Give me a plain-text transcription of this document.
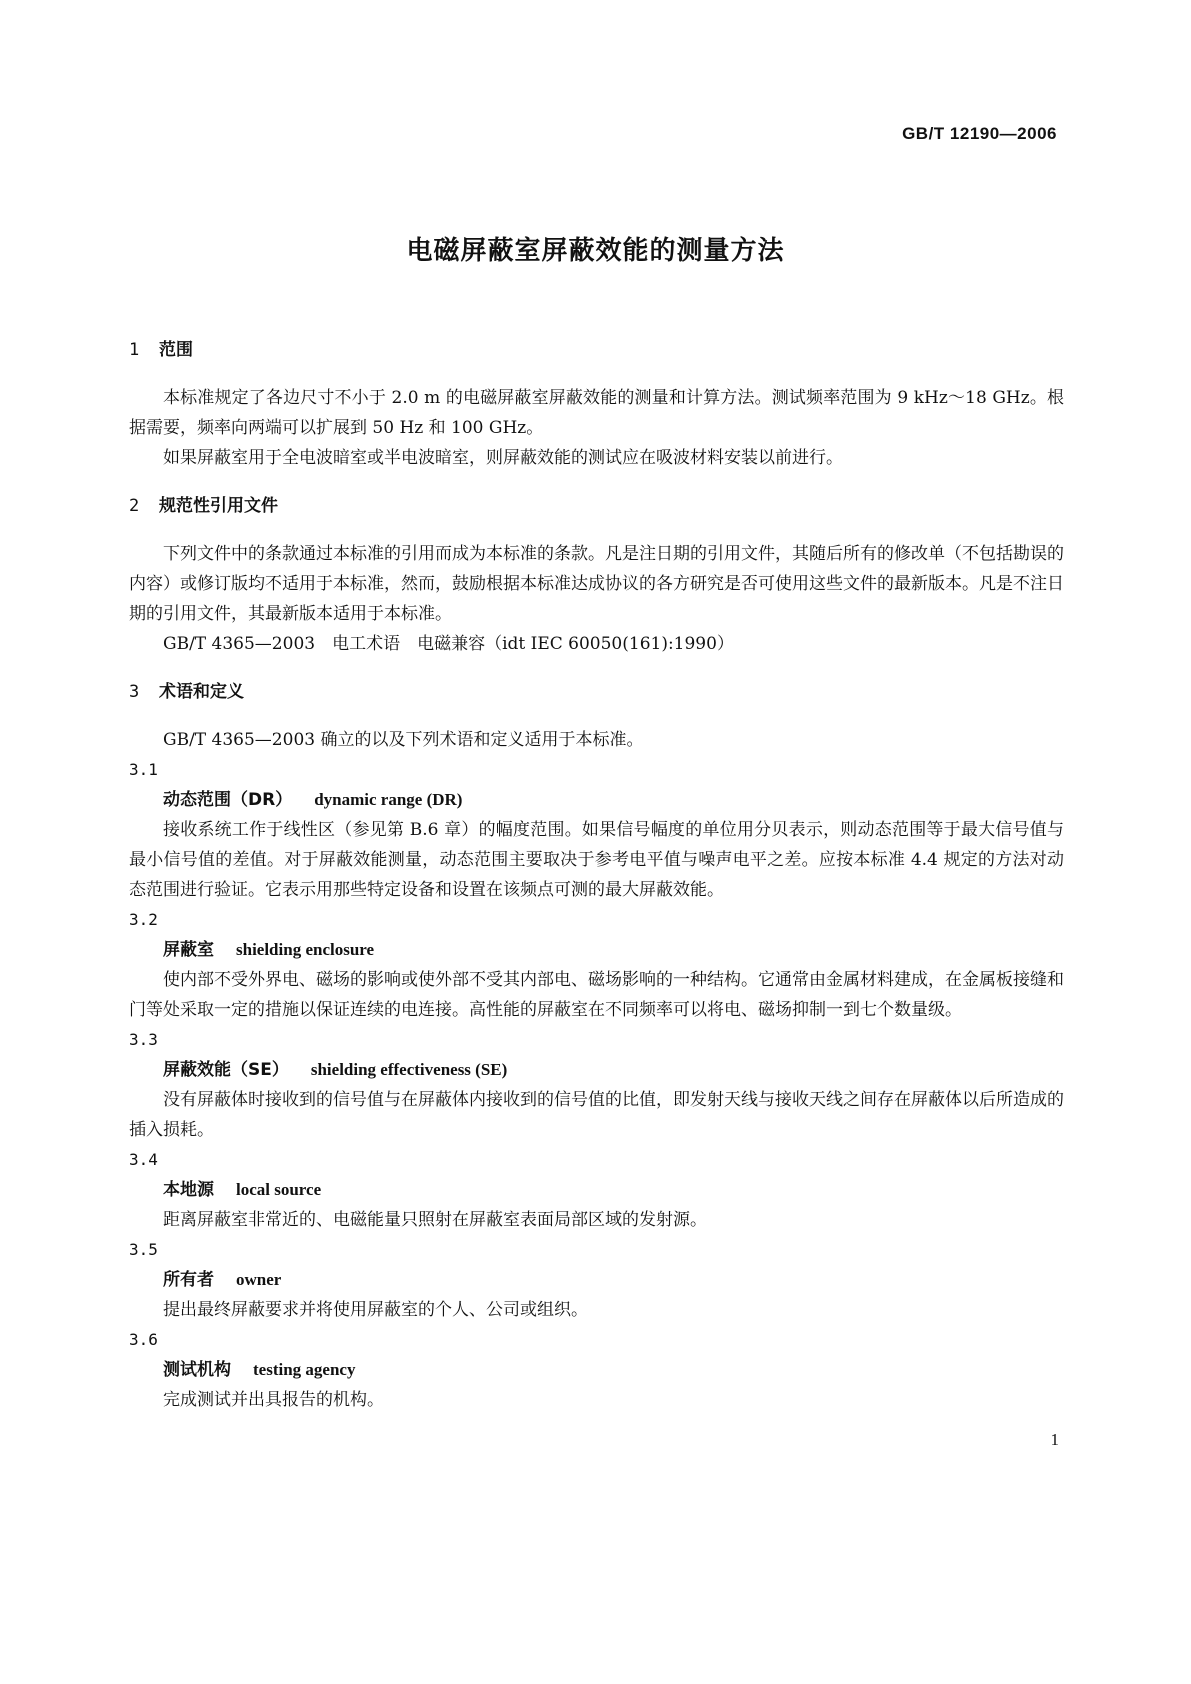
GB/T 12190—2006
电磁屏蔽室屏蔽效能的测量方法
1 范围

本标准规定了各边尺寸不小于 2.0 m 的电磁屏蔽室屏蔽效能的测量和计算方法。测试频率范围为 9 kHz～18 GHz。根据需要，频率向两端可以扩展到 50 Hz 和 100 GHz。

如果屏蔽室用于全电波暗室或半电波暗室，则屏蔽效能的测试应在吸波材料安装以前进行。

2 规范性引用文件

下列文件中的条款通过本标准的引用而成为本标准的条款。凡是注日期的引用文件，其随后所有的修改单（不包括勘误的内容）或修订版均不适用于本标准，然而，鼓励根据本标准达成协议的各方研究是否可使用这些文件的最新版本。凡是不注日期的引用文件，其最新版本适用于本标准。

GB/T 4365—2003　电工术语　电磁兼容（idt IEC 60050(161):1990）

3 术语和定义

GB/T 4365—2003 确立的以及下列术语和定义适用于本标准。

3.1
动态范围（DR） dynamic range (DR)

接收系统工作于线性区（参见第 B.6 章）的幅度范围。如果信号幅度的单位用分贝表示，则动态范围等于最大信号值与最小信号值的差值。对于屏蔽效能测量，动态范围主要取决于参考电平值与噪声电平之差。应按本标准 4.4 规定的方法对动态范围进行验证。它表示用那些特定设备和设置在该频点可测的最大屏蔽效能。

3.2
屏蔽室 shielding enclosure

使内部不受外界电、磁场的影响或使外部不受其内部电、磁场影响的一种结构。它通常由金属材料建成，在金属板接缝和门等处采取一定的措施以保证连续的电连接。高性能的屏蔽室在不同频率可以将电、磁场抑制一到七个数量级。

3.3
屏蔽效能（SE） shielding effectiveness (SE)

没有屏蔽体时接收到的信号值与在屏蔽体内接收到的信号值的比值，即发射天线与接收天线之间存在屏蔽体以后所造成的插入损耗。

3.4
本地源 local source

距离屏蔽室非常近的、电磁能量只照射在屏蔽室表面局部区域的发射源。

3.5
所有者 owner

提出最终屏蔽要求并将使用屏蔽室的个人、公司或组织。

3.6
测试机构 testing agency

完成测试并出具报告的机构。

1
